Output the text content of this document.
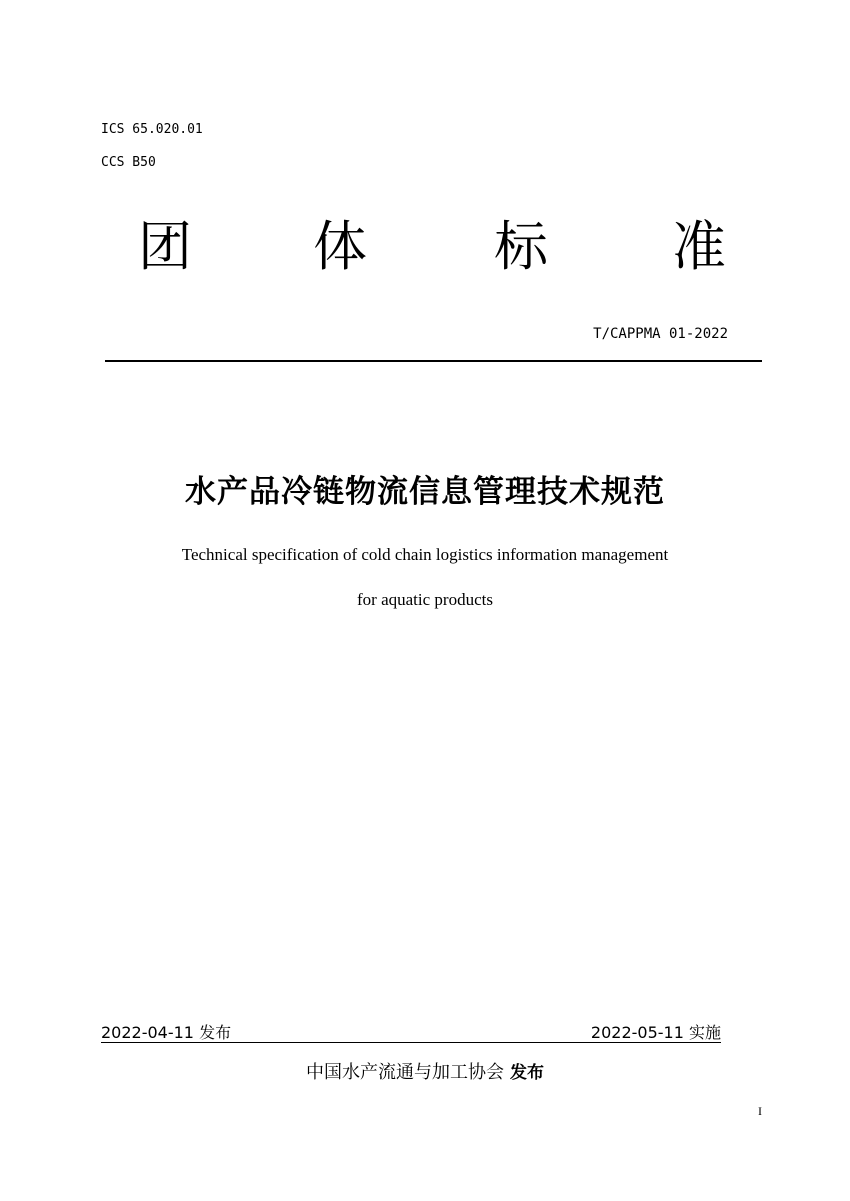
ICS 65.020.01
CCS B50
团 体 标 准
T/CAPPMA 01-2022
水产品冷链物流信息管理技术规范
Technical specification of cold chain logistics information management
for aquatic products
2022-04-11 发布	2022-05-11 实施
中国水产流通与加工协会 发布
I
